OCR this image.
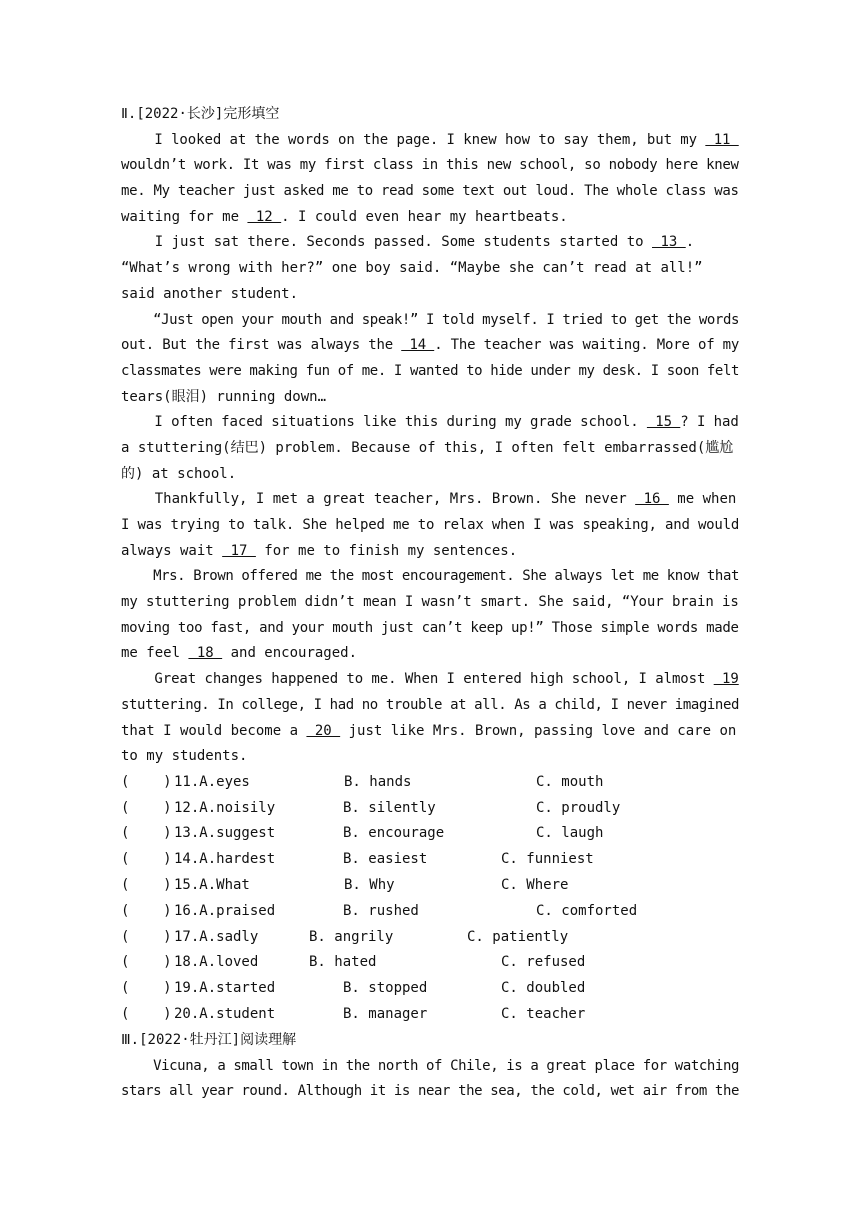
Ⅱ.[2022·长沙]完形填空
I looked at the words on the page. I knew how to say them, but my  11
wouldn’t work. It was my first class in this new school, so nobody here knew
me. My teacher just asked me to read some text out loud. The whole class was
waiting for me  12 . I could even hear my heartbeats.
I just sat there. Seconds passed. Some students started to  13 .
“What’s wrong with her?” one boy said. “Maybe she can’t read at all!”
said another student.
“Just open your mouth and speak!” I told myself. I tried to get the words
out. But the first was always the  14 . The teacher was waiting. More of my
classmates were making fun of me. I wanted to hide under my desk. I soon felt
tears(眼泪) running down…
I often faced situations like this during my grade school.  15 ? I had
a stuttering(结巴) problem. Because of this, I often felt embarrassed(尴尬
的) at school.
Thankfully, I met a great teacher, Mrs. Brown. She never  16  me when
I was trying to talk. She helped me to relax when I was speaking, and would
always wait  17  for me to finish my sentences.
Mrs. Brown offered me the most encouragement. She always let me know that
my stuttering problem didn’t mean I wasn’t smart. She said, “Your brain is
moving too fast, and your mouth just can’t keep up!” Those simple words made
me feel  18  and encouraged.
Great changes happened to me. When I entered high school, I almost  19
stuttering. In college, I had no trouble at all. As a child, I never imagined
that I would become a  20  just like Mrs. Brown, passing love and care on
to my students.

(    )

11.A.eyes

	B. hands

	C. mouth

(    )

12.A.noisily

	B. silently

	C. proudly

(    )

13.A.suggest

	B. encourage

	C. laugh

(    )

14.A.hardest

	B. easiest

	C. funniest

(    )

15.A.What

	B. Why

	C. Where

(    )

16.A.praised

	B. rushed

	C. comforted

(    )

17.A.sadly

	B. angrily

	C. patiently

(    )

18.A.loved

	B. hated

	C. refused

(    )

19.A.started

	B. stopped

	C. doubled

(    )

20.A.student

	B. manager

	C. teacher

Ⅲ.[2022·牡丹江]阅读理解
Vicuna, a small town in the north of Chile, is a great place for watching
stars all year round. Although it is near the sea, the cold, wet air from the
